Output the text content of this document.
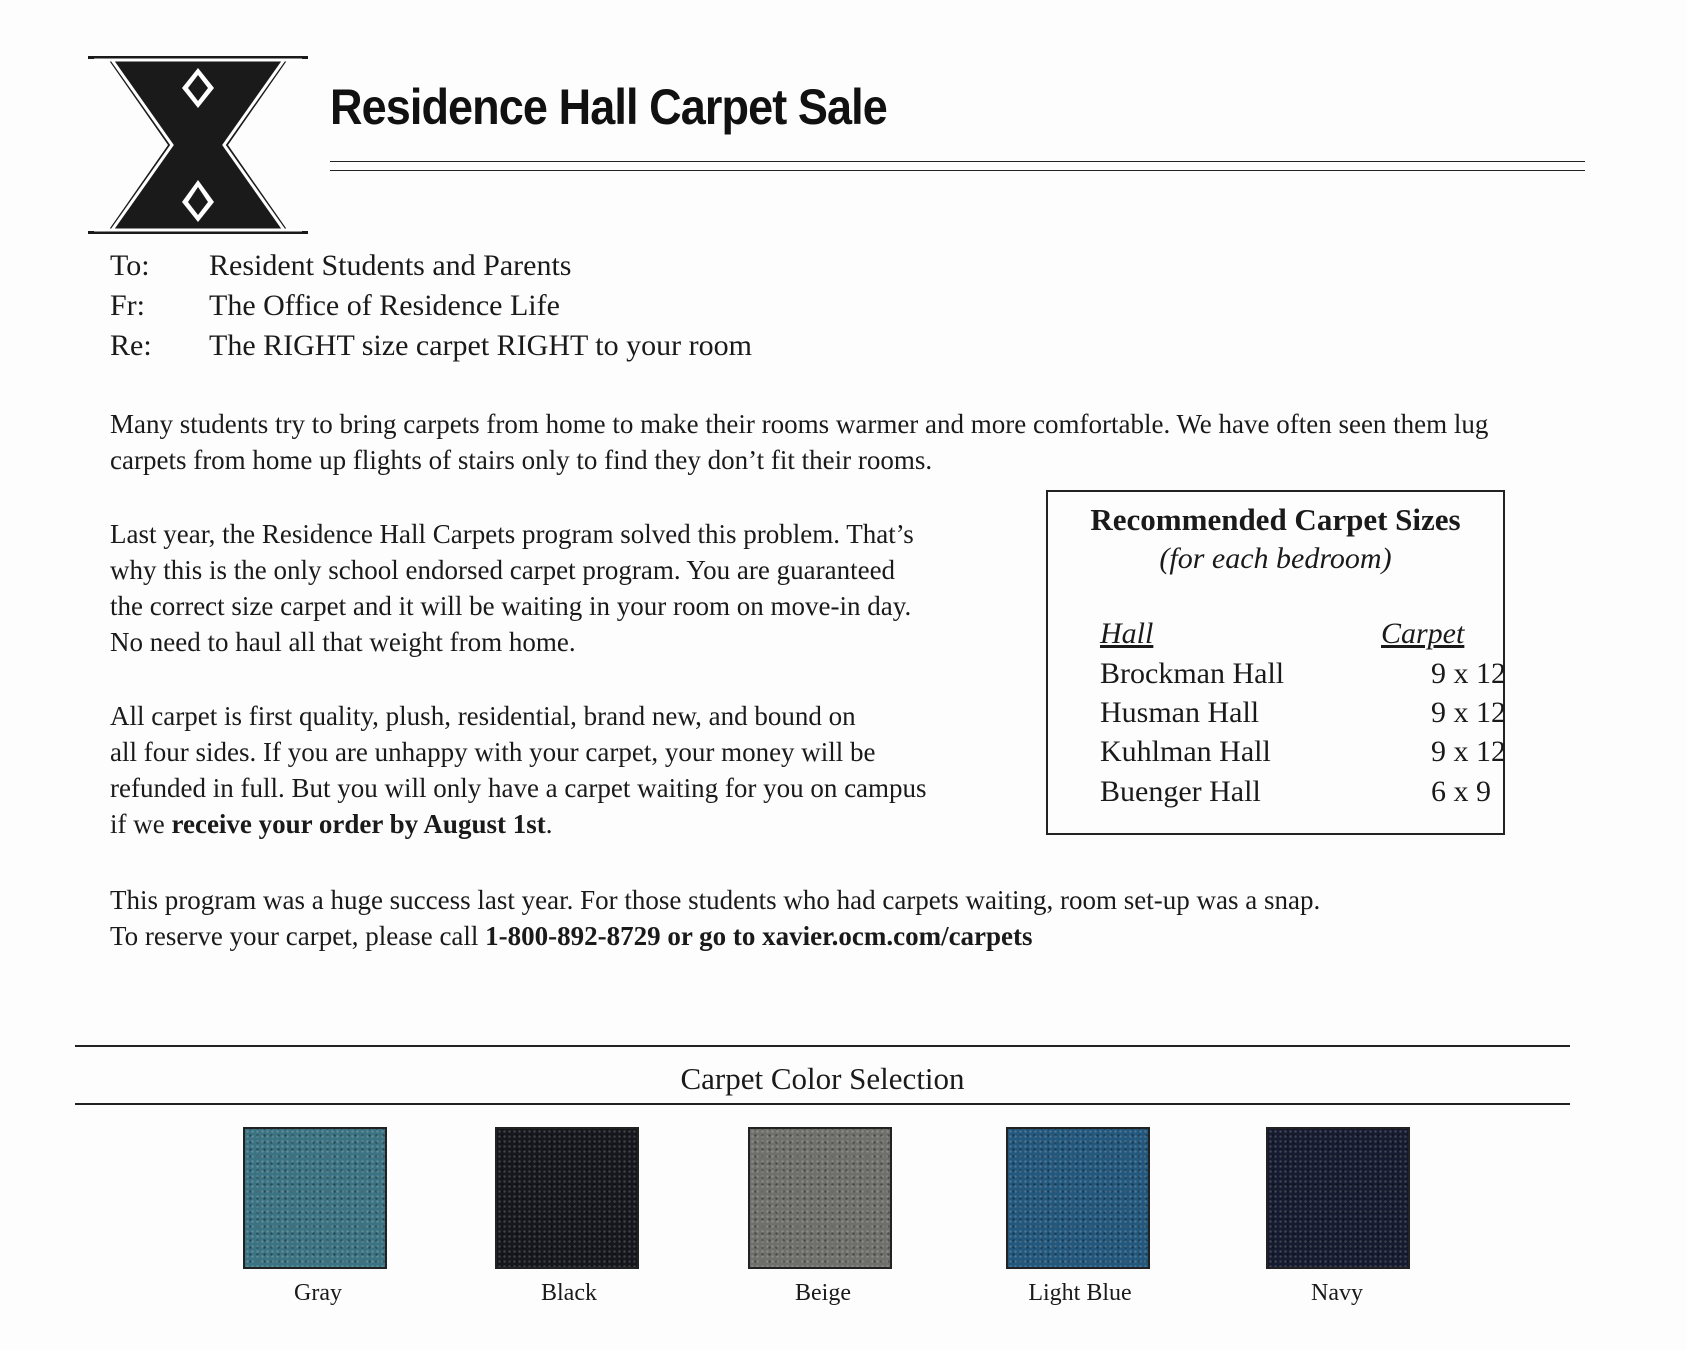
Residence Hall Carpet Sale
To:	Resident Students and Parents
Fr:	The Office of Residence Life
Re:	The RIGHT size carpet RIGHT to your room
Many students try to bring carpets from home to make their rooms warmer and more comfortable. We have often seen them lug carpets from home up flights of stairs only to find they don’t fit their rooms.
Last year, the Residence Hall Carpets program solved this problem. That’s
why this is the only school endorsed carpet program. You are guaranteed
the correct size carpet and it will be waiting in your room on move-in day.
No need to haul all that weight from home.
All carpet is first quality, plush, residential, brand new, and bound on
all four sides. If you are unhappy with your carpet, your money will be
refunded in full. But you will only have a carpet waiting for you on campus
if we receive your order by August 1st.
This program was a huge success last year. For those students who had carpets waiting, room set-up was a snap.
To reserve your carpet, please call 1-800-892-8729 or go to xavier.ocm.com/carpets
Recommended Carpet Sizes
(for each bedroom)
Hall	Carpet
Brockman Hall	9 x 12
Husman Hall	9 x 12
Kuhlman Hall	9 x 12
Buenger Hall	6 x 9
Carpet Color Selection
Gray	Black	Beige	Light Blue	Navy
